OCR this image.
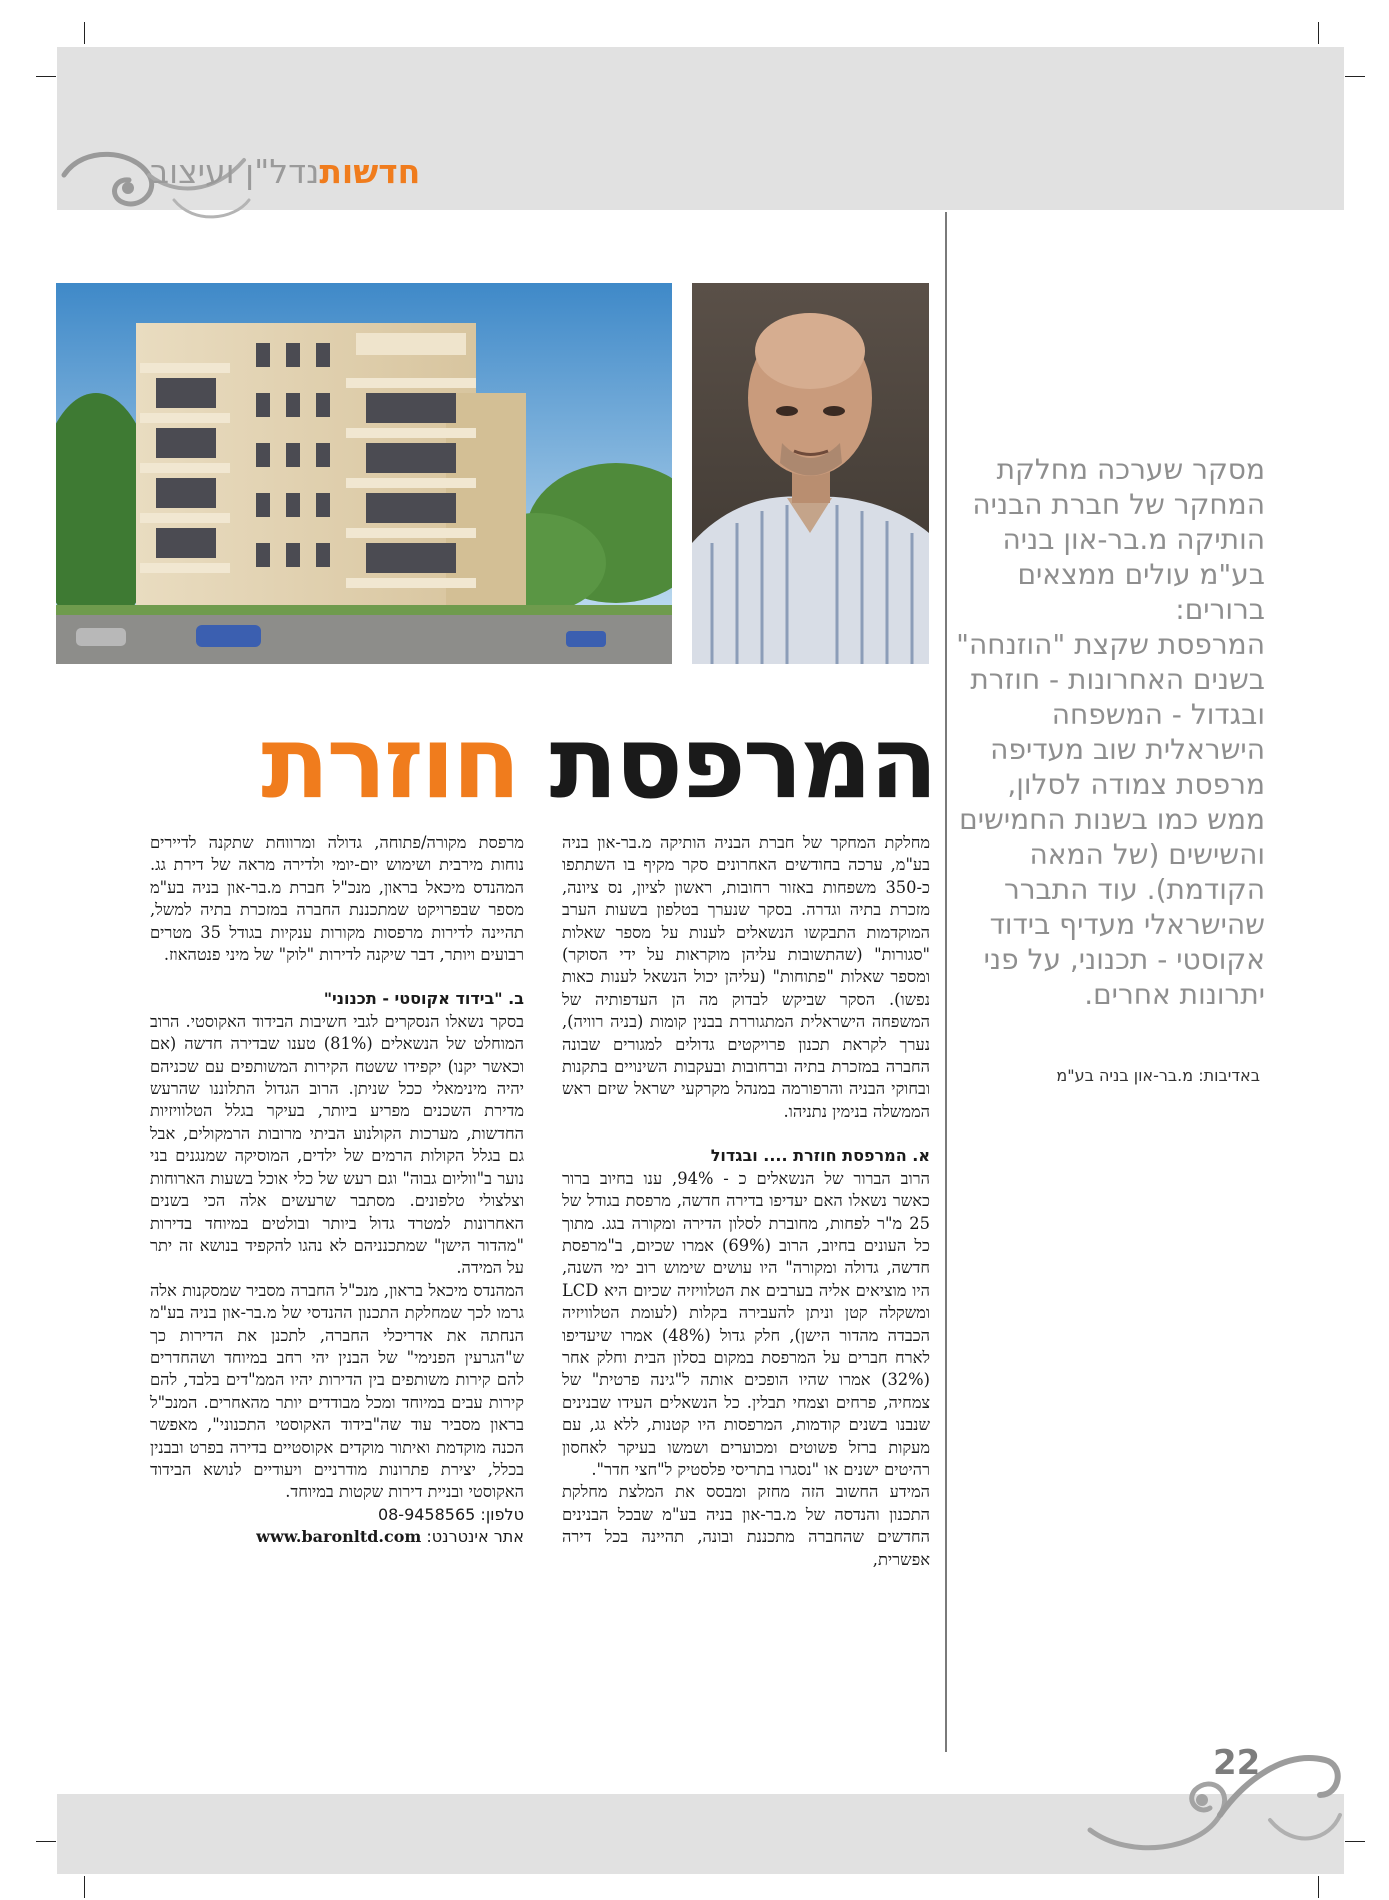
חדשותנדל"ן ועיצוב
המרפסת חוזרת

מסקר שערכה מחלקת המחקר של חברת הבניה הותיקה מ.בר-און בניה בע"מ עולים ממצאים ברורים:

המרפסת שקצת "הוזנחה" בשנים האחרונות - חוזרת ובגדול - המשפחה הישראלית שוב מעדיפה מרפסת צמודה לסלון, ממש כמו בשנות החמישים והשישים (של המאה הקודמת). עוד התברר שהישראלי מעדיף בידוד אקוסטי - תכנוני, על פני יתרונות אחרים.

באדיבות: מ.בר-און בניה בע"מ

מחלקת המחקר של חברת הבניה הותיקה מ.בר-און בניה בע"מ, ערכה בחודשים האחרונים סקר מקיף בו השתתפו כ-350 משפחות באזור רחובות, ראשון לציון, נס ציונה, מזכרת בתיה וגדרה. בסקר שנערך בטלפון בשעות הערב המוקדמות התבקשו הנשאלים לענות על מספר שאלות "סגורות" (שהתשובות עליהן מוקראות על ידי הסוקר) ומספר שאלות "פתוחות" (עליהן יכול הנשאל לענות כאות נפשו). הסקר שביקש לבדוק מה הן העדפותיה של המשפחה הישראלית המתגוררת בבנין קומות (בניה רוויה), נערך לקראת תכנון פרויקטים גדולים למגורים שבונה החברה במזכרת בתיה וברחובות ובעקבות השינויים בתקנות ובחוקי הבניה והרפורמה במנהל מקרקעי ישראל שיזם ראש הממשלה בנימין נתניהו.

א. המרפסת חוזרת .... ובגדול

הרוב הברור של הנשאלים כ - 94%, ענו בחיוב ברור כאשר נשאלו האם יעדיפו בדירה חדשה, מרפסת בגודל של 25 מ"ר לפחות, מחוברת לסלון הדירה ומקורה בגג. מתוך כל העונים בחיוב, הרוב (69%) אמרו שכיום, ב"מרפסת חדשה, גדולה ומקורה" היו עושים שימוש רוב ימי השנה, היו מוציאים אליה בערבים את הטלוויזיה שכיום היא LCD ומשקלה קטן וניתן להעבירה בקלות (לעומת הטלוויזיה הכבדה מהדור הישן), חלק גדול (48%) אמרו שיעדיפו לארח חברים על המרפסת במקום בסלון הבית וחלק אחר (32%) אמרו שהיו הופכים אותה ל"גינה פרטית" של צמחיה, פרחים וצמחי תבלין. כל הנשאלים העידו שבנינים שנבנו בשנים קודמות, המרפסות היו קטנות, ללא גג, עם מעקות ברזל פשוטים ומכוערים ושמשו בעיקר לאחסון רהיטים ישנים או "נסגרו בתריסי פלסטיק ל"חצי חדר".

המידע החשוב הזה מחזק ומבסס את המלצת מחלקת התכנון והנדסה של מ.בר-און בניה בע"מ שבכל הבנינים החדשים שהחברה מתכננת ובונה, תהיינה בכל דירה אפשרית,

מרפסת מקורה/פתוחה, גדולה ומרווחת שתקנה לדיירים נוחות מירבית ושימוש יום-יומי ולדירה מראה של דירת גג. המהנדס מיכאל בראון, מנכ"ל חברת מ.בר-און בניה בע"מ מספר שבפרויקט שמתכננת החברה במזכרת בתיה למשל, תהיינה לדירות מרפסות מקורות ענקיות בגודל 35 מטרים רבועים ויותר, דבר שיקנה לדירות "לוק" של מיני פנטהאוז.

ב. "בידוד אקוסטי - תכנוני"

בסקר נשאלו הנסקרים לגבי חשיבות הבידוד האקוסטי. הרוב המוחלט של הנשאלים (81%) טענו שבדירה חדשה (אם וכאשר יקנו) יקפידו ששטח הקירות המשותפים עם שכניהם יהיה מינימאלי ככל שניתן. הרוב הגדול התלוננו שהרעש מדירת השכנים מפריע ביותר, בעיקר בגלל הטלוויזיות החדשות, מערכות הקולנוע הביתי מרובות הרמקולים, אבל גם בגלל הקולות הרמים של ילדים, המוסיקה שמנגנים בני נוער ב"ווליום גבוה" וגם רעש של כלי אוכל בשעות הארוחות וצלצולי טלפונים. מסתבר שרעשים אלה הכי בשנים האחרונות למטרד גדול ביותר ובולטים במיוחד בדירות "מהדור הישן" שמתכנניהם לא נהגו להקפיד בנושא זה יתר על המידה.

המהנדס מיכאל בראון, מנכ"ל החברה מסביר שמסקנות אלה גרמו לכך שמחלקת התכנון ההנדסי של מ.בר-און בניה בע"מ הנחתה את אדריכלי החברה, לתכנן את הדירות כך ש"הגרעין הפנימי" של הבנין יהי רחב במיוחד ושהחדרים להם קירות משותפים בין הדירות יהיו הממ"דים בלבד, להם קירות עבים במיוחד ומכל מבודדים יותר מהאחרים. המנכ"ל בראון מסביר עוד שה"בידוד האקוסטי התכנוני", מאפשר הכנה מוקדמת ואיתור מוקדים אקוסטיים בדירה בפרט ובבנין בכלל, יצירת פתרונות מודרניים ויעודיים לנושא הבידוד האקוסטי ובניית דירות שקטות במיוחד.

טלפון: 08-9458565

אתר אינטרנט: www.baronltd.com

22
